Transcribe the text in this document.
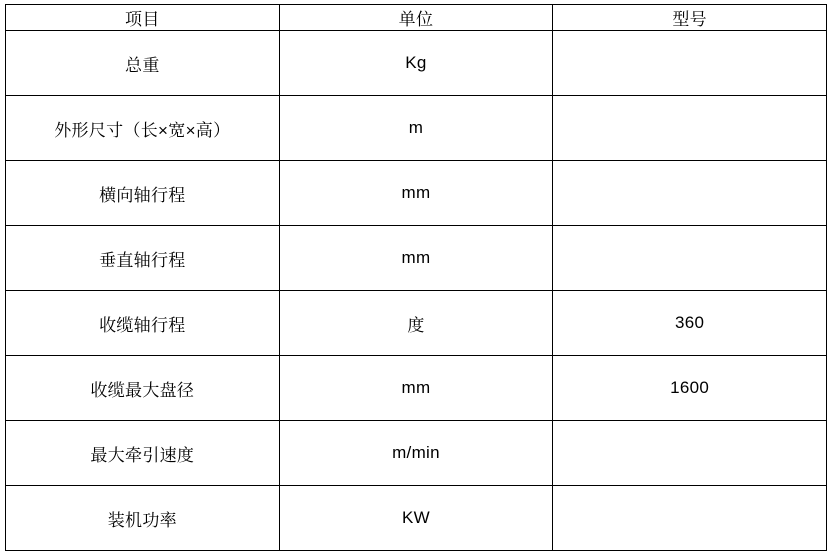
项目	单位	型号
总重	Kg	
外形尺寸（长×宽×高）	m	
横向轴行程	mm	
垂直轴行程	mm	
收缆轴行程	度	360
收缆最大盘径	mm	1600
最大牵引速度	m/min	
装机功率	KW	
